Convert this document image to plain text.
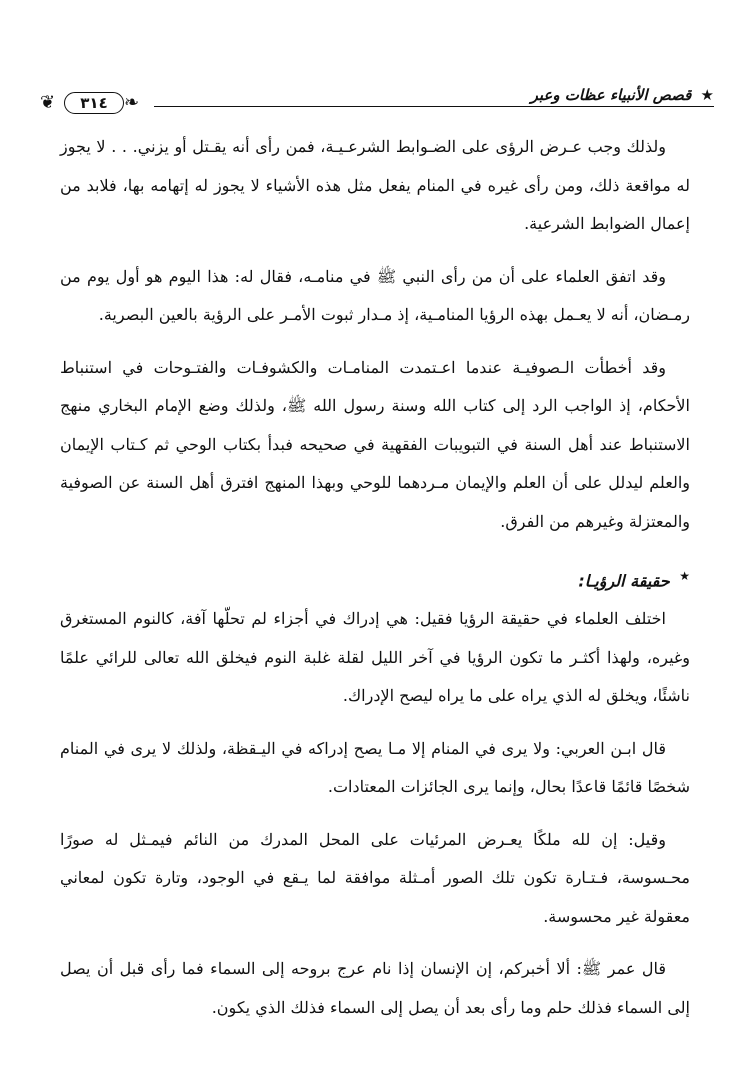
★ قصص الأنبياء عظات وعبر
❦	٣١٤ ❧

ولذلك وجب عـرض الرؤى على الضـوابط الشرعـيـة، فمن رأى أنه يقـتل أو يزني. . . لا يجوز له مواقعة ذلك، ومن رأى غيره في المنام يفعل مثل هذه الأشياء لا يجوز له إتهامه بها، فلابد من إعمال الضوابط الشرعية.

وقد اتفق العلماء على أن من رأى النبي ﷺ في منامـه، فقال له: هذا اليوم هو أول يوم من رمـضان، أنه لا يعـمل بهذه الرؤيا المنامـية، إذ مـدار ثبوت الأمـر على الرؤية بالعين البصرية.

وقد أخطأت الـصوفيـة عندما اعـتمدت المنامـات والكشوفـات والفتـوحات في استنباط الأحكام، إذ الواجب الرد إلى كتاب الله وسنة رسول الله ﷺ، ولذلك وضع الإمام البخاري منهج الاستنباط عند أهل السنة في التبويبات الفقهية في صحيحه فبدأ بكتاب الوحي ثم كـتاب الإيمان والعلم ليدلل على أن العلم والإيمان مـردهما للوحي وبهذا المنهج افترق أهل السنة عن الصوفية والمعتزلة وغيرهم من الفرق.

★ حقيقة الرؤيـا:

اختلف العلماء في حقيقة الرؤيا فقيل: هي إدراك في أجزاء لم تحلّها آفة، كالنوم المستغرق وغيره، ولهذا أكثـر ما تكون الرؤيا في آخر الليل لقلة غلبة النوم فيخلق الله تعالى للرائي علمًا ناشئًا، ويخلق له الذي يراه على ما يراه ليصح الإدراك.

قال ابـن العربي: ولا يرى في المنام إلا مـا يصح إدراكه في اليـقظة، ولذلك لا يرى في المنام شخصًا قائمًا قاعدًا بحال، وإنما يرى الجائزات المعتادات.

وقيل: إن لله ملكًا يعـرض المرئيات على المحل المدرك من النائم فيمـثل له صورًا محـسوسة، فـتـارة تكون تلك الصور أمـثلة موافقة لما يـقع في الوجود، وتارة تكون لمعاني معقولة غير محسوسة.

قال عمر ﷺ: ألا أخبركم، إن الإنسان إذا نام عرج بروحه إلى السماء فما رأى قبل أن يصل إلى السماء فذلك حلم وما رأى بعد أن يصل إلى السماء فذلك الذي يكون.
